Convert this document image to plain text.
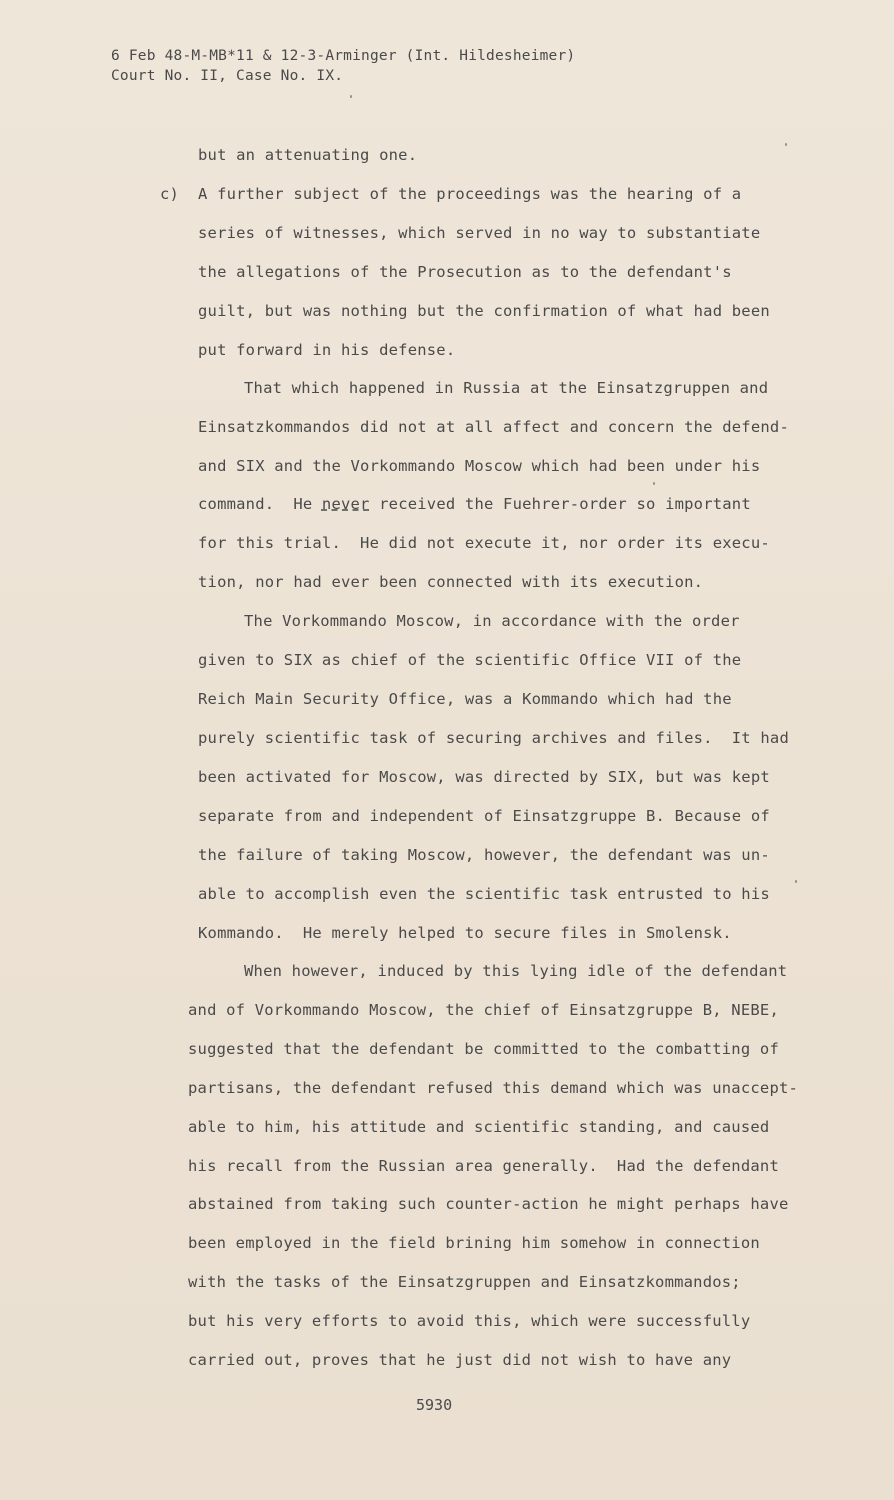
6 Feb 48-M-MB*11 & 12-3-Arminger (Int. Hildesheimer)
Court No. II, Case No. IX.
but an attenuating one.
c) A further subject of the proceedings was the hearing of a
series of witnesses, which served in no way to substantiate
the allegations of the Prosecution as to the defendant's
guilt, but was nothing but the confirmation of what had been
put forward in his defense.
That which happened in Russia at the Einsatzgruppen and
Einsatzkommandos did not at all affect and concern the defend-
and SIX and the Vorkommando Moscow which had been under his
command.  He never received the Fuehrer-order so important
for this trial.  He did not execute it, nor order its execu-
tion, nor had ever been connected with its execution.
The Vorkommando Moscow, in accordance with the order
given to SIX as chief of the scientific Office VII of the
Reich Main Security Office, was a Kommando which had the
purely scientific task of securing archives and files.  It had
been activated for Moscow, was directed by SIX, but was kept
separate from and independent of Einsatzgruppe B. Because of
the failure of taking Moscow, however, the defendant was un-
able to accomplish even the scientific task entrusted to his
Kommando.  He merely helped to secure files in Smolensk.
When however, induced by this lying idle of the defendant
and of Vorkommando Moscow, the chief of Einsatzgruppe B, NEBE,
suggested that the defendant be committed to the combatting of
partisans, the defendant refused this demand which was unaccept-
able to him, his attitude and scientific standing, and caused
his recall from the Russian area generally.  Had the defendant
abstained from taking such counter-action he might perhaps have
been employed in the field brining him somehow in connection
with the tasks of the Einsatzgruppen and Einsatzkommandos;
but his very efforts to avoid this, which were successfully
carried out, proves that he just did not wish to have any
5930
